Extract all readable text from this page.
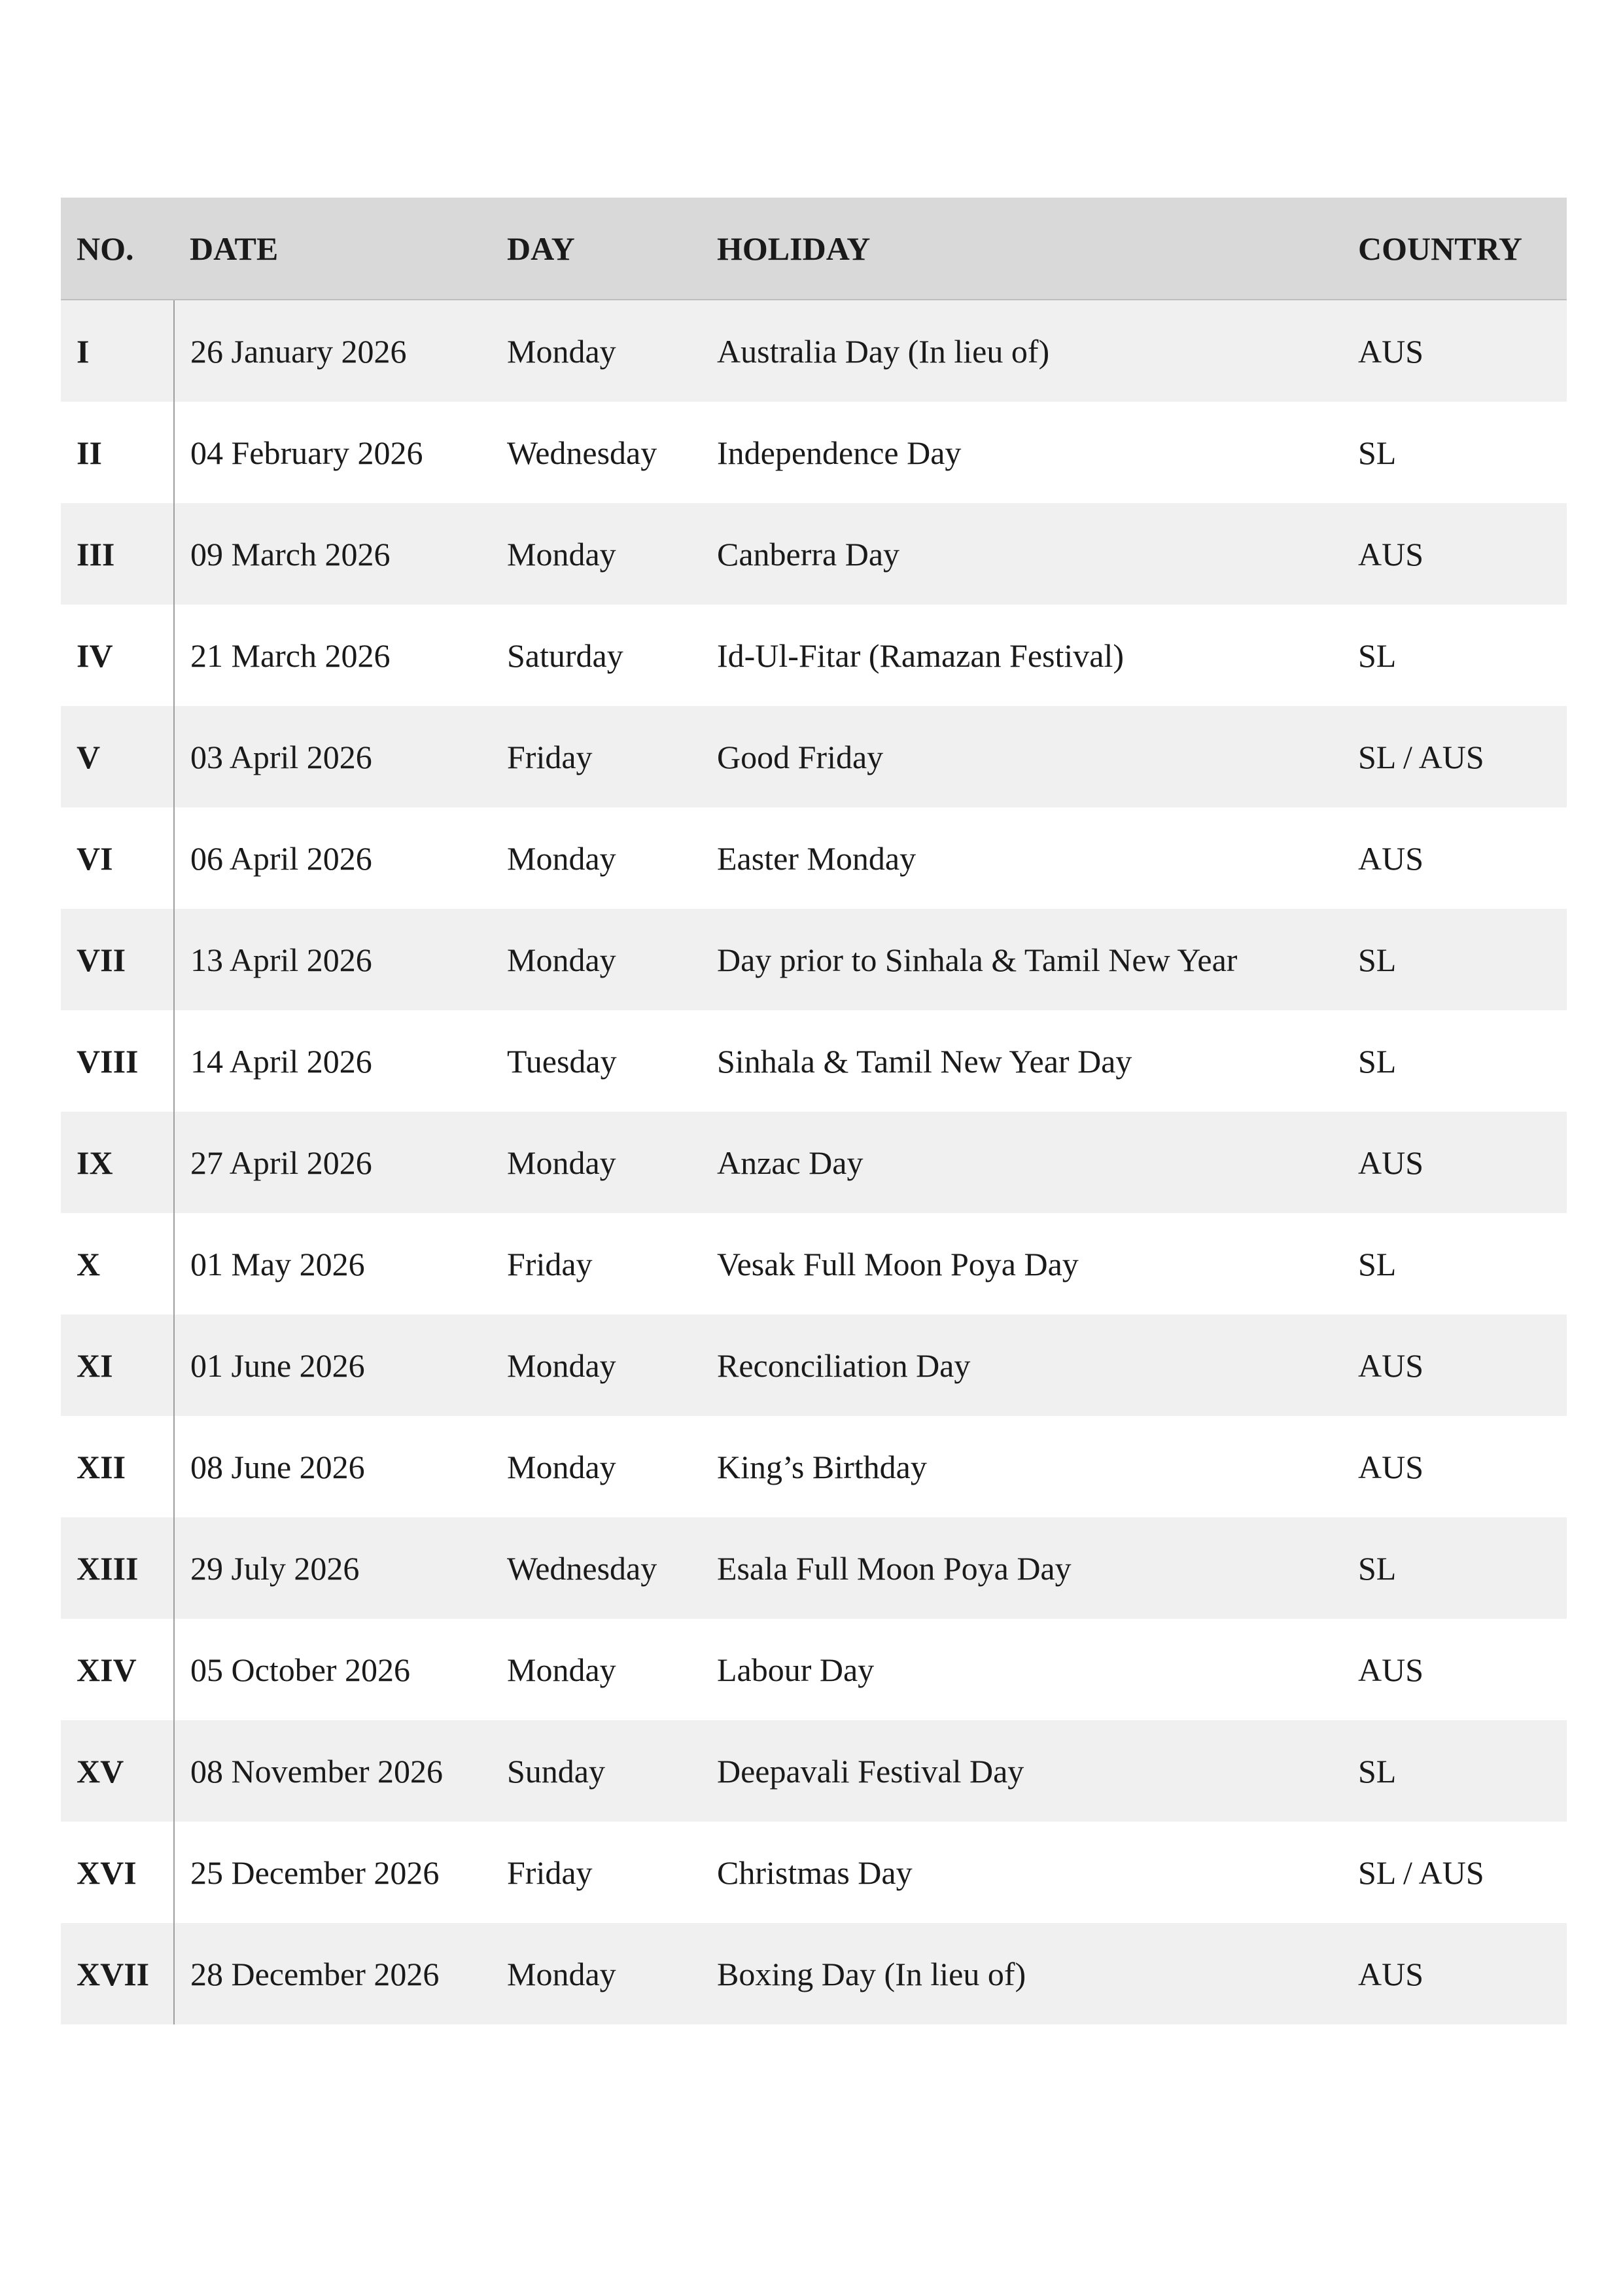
NO.	DATE	DAY	HOLIDAY	COUNTRY
I	26 January 2026	Monday	Australia Day (In lieu of)	AUS
II	04 February 2026	Wednesday	Independence Day	SL
III	09 March 2026	Monday	Canberra Day	AUS
IV	21 March 2026	Saturday	Id-Ul-Fitar (Ramazan Festival)	SL
V	03 April 2026	Friday	Good Friday	SL / AUS
VI	06 April 2026	Monday	Easter Monday	AUS
VII	13 April 2026	Monday	Day prior to Sinhala & Tamil New Year	SL
VIII	14 April 2026	Tuesday	Sinhala & Tamil New Year Day	SL
IX	27 April 2026	Monday	Anzac Day	AUS
X	01 May 2026	Friday	Vesak Full Moon Poya Day	SL
XI	01 June 2026	Monday	Reconciliation Day	AUS
XII	08 June 2026	Monday	King’s Birthday	AUS
XIII	29 July 2026	Wednesday	Esala Full Moon Poya Day	SL
XIV	05 October 2026	Monday	Labour Day	AUS
XV	08 November 2026	Sunday	Deepavali Festival Day	SL
XVI	25 December 2026	Friday	Christmas Day	SL / AUS
XVII	28 December 2026	Monday	Boxing Day (In lieu of)	AUS
